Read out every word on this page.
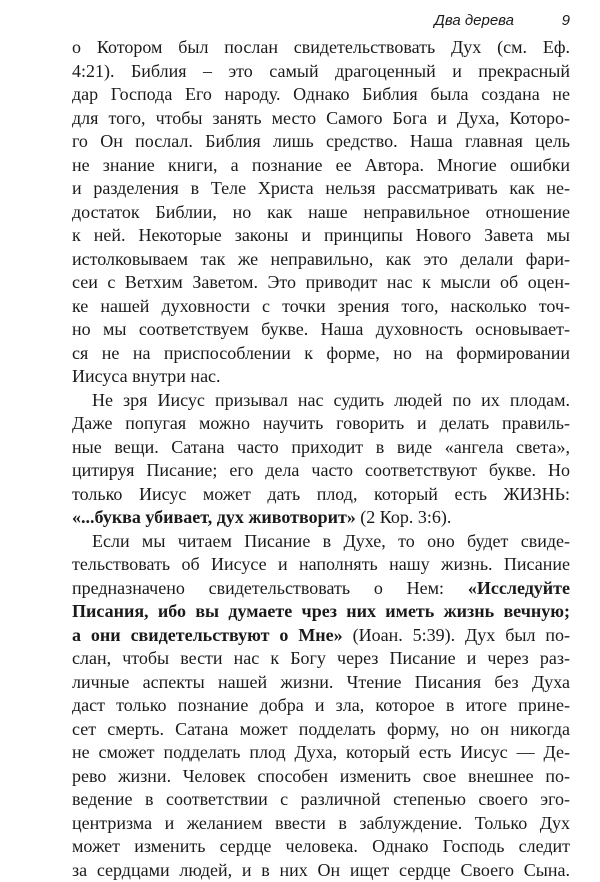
Два дерева	9
о Котором был послан свидетельствовать Дух (см. Еф.
4:21). Библия – это самый драгоценный и прекрасный
дар Господа Его народу. Однако Библия была создана не
для того, чтобы занять место Самого Бога и Духа, Которо-
го Он послал. Библия лишь средство. Наша главная цель
не знание книги, а познание ее Автора. Многие ошибки
и разделения в Теле Христа нельзя рассматривать как не-
достаток Библии, но как наше неправильное отношение
к ней. Некоторые законы и принципы Нового Завета мы
истолковываем так же неправильно, как это делали фари-
сеи с Ветхим Заветом. Это приводит нас к мысли об оцен-
ке нашей духовности с точки зрения того, насколько точ-
но мы соответствуем букве. Наша духовность основывает-
ся не на приспособлении к форме, но на формировании
Иисуса внутри нас.
Не зря Иисус призывал нас судить людей по их плодам.
Даже попугая можно научить говорить и делать правиль-
ные вещи. Сатана часто приходит в виде «ангела света»,
цитируя Писание; его дела часто соответствуют букве. Но
только Иисус может дать плод, который есть ЖИЗНЬ:
«...буква убивает, дух животворит» (2 Кор. 3:6).
Если мы читаем Писание в Духе, то оно будет свиде-
тельствовать об Иисусе и наполнять нашу жизнь. Писание
предназначено свидетельствовать о Нем: «Исследуйте
Писания, ибо вы думаете чрез них иметь жизнь вечную;
а они свидетельствуют о Мне» (Иоан. 5:39). Дух был по-
слан, чтобы вести нас к Богу через Писание и через раз-
личные аспекты нашей жизни. Чтение Писания без Духа
даст только познание добра и зла, которое в итоге прине-
сет смерть. Сатана может подделать форму, но он никогда
не сможет подделать плод Духа, который есть Иисус — Де-
рево жизни. Человек способен изменить свое внешнее по-
ведение в соответствии с различной степенью своего эго-
центризма и желанием ввести в заблуждение. Только Дух
может изменить сердце человека. Однако Господь следит
за сердцами людей, и в них Он ищет сердце Своего Сына.
